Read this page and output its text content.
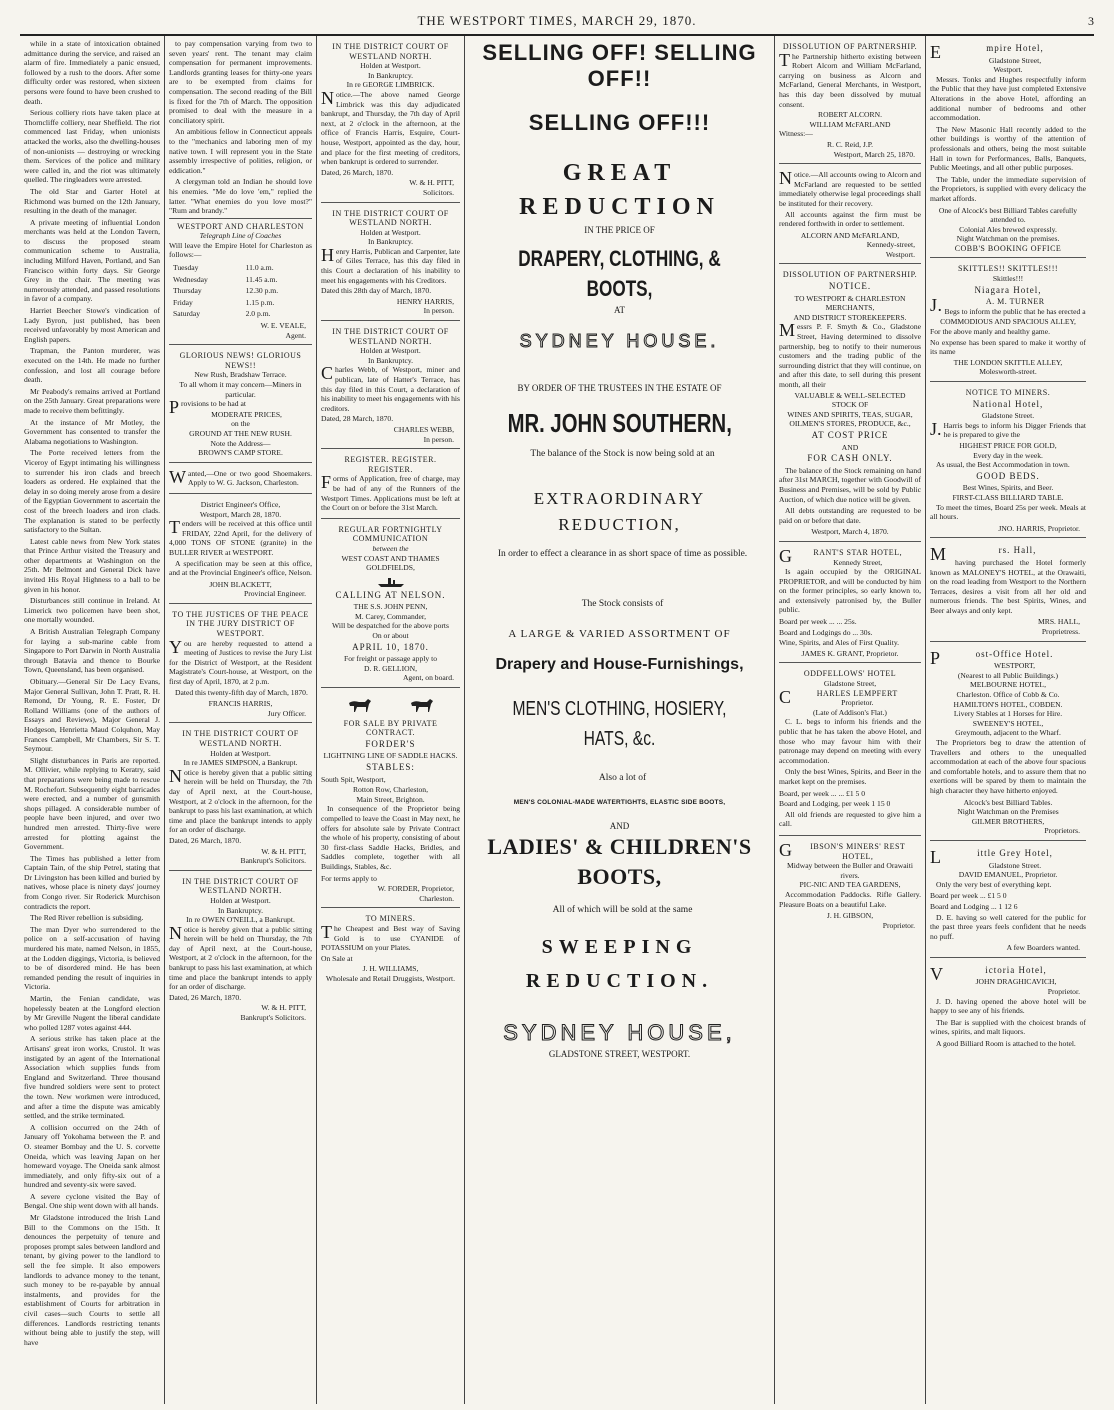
THE WESTPORT TIMES, MARCH 29, 1870.	3

while in a state of intoxication obtained admittance during the service, and raised an alarm of fire. Immediately a panic ensued, followed by a rush to the doors. After some difficulty order was restored, when sixteen persons were found to have been crushed to death.

Serious colliery riots have taken place at Thorncliffe colliery, near Sheffield. The riot commenced last Friday, when unionists attacked the works, also the dwelling-houses of non-unionists — destroying or wrecking them. Services of the police and military were called in, and the riot was ultimately quelled. The ringleaders were arrested.

The old Star and Garter Hotel at Richmond was burned on the 12th January, resulting in the death of the manager.

A private meeting of influential London merchants was held at the London Tavern, to discuss the proposed steam communication scheme to Australia, including Milford Haven, Portland, and San Francisco within forty days. Sir George Grey in the chair. The meeting was numerously attended, and passed resolutions in favor of a company.

Harriet Beecher Stowe's vindication of Lady Byron, just published, has been received unfavorably by most American and English papers.

Trapman, the Panton murderer, was executed on the 14th. He made no further confession, and lost all courage before death.

Mr Peabody's remains arrived at Portland on the 25th January. Great preparations were made to receive them befittingly.

At the instance of Mr Motley, the Government has consented to transfer the Alabama negotiations to Washington.

The Porte received letters from the Viceroy of Egypt intimating his willingness to surrender his iron clads and breech loaders as ordered. He explained that the delay in so doing merely arose from a desire of the Egyptian Government to ascertain the cost of the breech loaders and iron clads. The explanation is stated to be perfectly satisfactory to the Sultan.

Latest cable news from New York states that Prince Arthur visited the Treasury and other departments at Washington on the 25th. Mr Belmont and General Dick have invited His Royal Highness to a ball to be given in his honor.

Disturbances still continue in Ireland. At Limerick two policemen have been shot, one mortally wounded.

A British Australian Telegraph Company for laying a sub-marine cable from Singapore to Port Darwin in North Australia through Batavia and thence to Bourke Town, Queensland, has been organised.

Obituary.—General Sir De Lacy Evans, Major General Sullivan, John T. Pratt, R. H. Remond, Dr Young, R. E. Foster, Dr Rolland Williams (one of the authors of Essays and Reviews), Major General J. Hodgeson, Henrietta Maud Colquhon, May Frances Campbell, Mr Chambers, Sir S. T. Seymour.

Slight disturbances in Paris are reported. M. Ollivier, while replying to Keratry, said that preparations were being made to rescue M. Rochefort. Subsequently eight barricades were erected, and a number of gunsmith shops pillaged. A considerable number of people have been injured, and over two hundred men arrested. Thirty-five were arrested for plotting against the Government.

The Times has published a letter from Captain Tain, of the ship Petrel, stating that Dr Livingston has been killed and buried by natives, whose place is ninety days' journey from Congo river. Sir Roderick Murchison contradicts the report.

The Red River rebellion is subsiding.

The man Dyer who surrendered to the police on a self-accusation of having murdered his mate, named Nelson, in 1855, at the Lodden diggings, Victoria, is believed to be of disordered mind. He has been remanded pending the result of inquiries in Victoria.

Martin, the Fenian candidate, was hopelessly beaten at the Longford election by Mr Greville Nugent the liberal candidate who polled 1287 votes against 444.

A serious strike has taken place at the Artisans' great iron works, Crustol. It was instigated by an agent of the International Association which supplies funds from England and Switzerland. Three thousand five hundred soldiers were sent to protect the town. New workmen were introduced, and after a time the dispute was amicably settled, and the strike terminated.

A collision occurred on the 24th of January off Yokohama between the P. and O. steamer Bombay and the U. S. corvette Oneida, which was leaving Japan on her homeward voyage. The Oneida sank almost immediately, and only fifty-six out of a hundred and seventy-six were saved.

A severe cyclone visited the Bay of Bengal. One ship went down with all hands.

Mr Gladstone introduced the Irish Land Bill to the Commons on the 15th. It denounces the perpetuity of tenure and proposes prompt sales between landlord and tenant, by giving power to the landlord to sell the fee simple. It also empowers landlords to advance money to the tenant, such money to be re-payable by annual instalments, and provides for the establishment of Courts for arbitration in civil cases—such Courts to settle all differences. Landlords restricting tenants without being able to justify the step, will have

to pay compensation varying from two to seven years' rent. The tenant may claim compensation for permanent improvements. Landlords granting leases for thirty-one years are to be exempted from claims for compensation. The second reading of the Bill is fixed for the 7th of March. The opposition promised to deal with the measure in a conciliatory spirit.

An ambitious fellow in Connecticut appeals to the "mechanics and laboring men of my native town. I will represent you in the State assembly irrespective of polities, religion, or eddication."

A clergyman told an Indian he should love his enemies. "Me do love 'em," replied the latter. "What enemies do you love most?" "Rum and brandy."

WESTPORT AND CHARLESTON
Telegraph Line of Coaches
Will leave the Empire Hotel for Charleston as follows:—
Tuesday	11.0 a.m.
Wednesday	11.45 a.m.
Thursday	12.30 p.m.
Friday	1.15 p.m.
Saturday	2.0 p.m.
W. E. VEALE,
Agent.
GLORIOUS NEWS! GLORIOUS NEWS!!
New Rush, Bradshaw Terrace.
To all whom it may concern—Miners in particular.
Provisions to be had at
MODERATE PRICES,
on the
GROUND AT THE NEW RUSH.
Note the Address—
BROWN'S CAMP STORE.
Wanted,—One or two good Shoemakers. Apply to W. G. Jackson, Charleston.
District Engineer's Office,
Westport, March 28, 1870.
Tenders will be received at this office until FRIDAY, 22nd April, for the delivery of 4,000 TONS OF STONE (granite) in the BULLER RIVER at WESTPORT.

A specification may be seen at this office, and at the Provincial Engineer's office, Nelson.

JOHN BLACKETT,
Provincial Engineer.
TO THE JUSTICES OF THE PEACE IN THE JURY DISTRICT OF WESTPORT.
You are hereby requested to attend a meeting of Justices to revise the Jury List for the District of Westport, at the Resident Magistrate's Court-house, at Westport, on the first day of April, 1870, at 2 p.m.

Dated this twenty-fifth day of March, 1870.

FRANCIS HARRIS,
Jury Officer.
IN THE DISTRICT COURT OF WESTLAND NORTH.
Holden at Westport.
In re JAMES SIMPSON, a Bankrupt.
Notice is hereby given that a public sitting herein will be held on Thursday, the 7th day of April next, at the Court-house, Westport, at 2 o'clock in the afternoon, for the bankrupt to pass his last examination, at which time and place the bankrupt intends to apply for an order of discharge.
Dated, 26 March, 1870.
W. & H. PITT,
Bankrupt's Solicitors.
IN THE DISTRICT COURT OF WESTLAND NORTH.
Holden at Westport.
In Bankruptcy.
In re OWEN O'NEILL, a Bankrupt.
Notice is hereby given that a public sitting herein will be held on Thursday, the 7th day of April next, at the Court-house, Westport, at 2 o'clock in the afternoon, for the bankrupt to pass his last examination, at which time and place the bankrupt intends to apply for an order of discharge.
Dated, 26 March, 1870.
W. & H. PITT,
Bankrupt's Solicitors.
IN THE DISTRICT COURT OF WESTLAND NORTH.
Holden at Westport.
In Bankruptcy.
In re GEORGE LIMBRICK.
Notice.—The above named George Limbrick was this day adjudicated bankrupt, and Thursday, the 7th day of April next, at 2 o'clock in the afternoon, at the office of Francis Harris, Esquire, Court-house, Westport, appointed as the day, hour, and place for the first meeting of creditors, when bankrupt is ordered to surrender.
Dated, 26 March, 1870.
W. & H. PITT,
Solicitors.
IN THE DISTRICT COURT OF WESTLAND NORTH.
Holden at Westport.
In Bankruptcy.
Henry Harris, Publican and Carpenter, late of Giles Terrace, has this day filed in this Court a declaration of his inability to meet his engagements with his Creditors.
Dated this 28th day of March, 1870.
HENRY HARRIS,
In person.
IN THE DISTRICT COURT OF WESTLAND NORTH.
Holden at Westport.
In Bankruptcy.
Charles Webb, of Westport, miner and publican, late of Hatter's Terrace, has this day filed in this Court, a declaration of his inability to meet his engagements with his creditors.
Dated, 28 March, 1870.
CHARLES WEBB,
In person.
REGISTER. REGISTER. REGISTER.
Forms of Application, free of charge, may be had of any of the Runners of the Westport Times. Applications must be left at the Court on or before the 31st March.
REGULAR FORTNIGHTLY COMMUNICATION
between the
WEST COAST AND THAMES
GOLDFIELDS,
CALLING AT NELSON.
THE S.S. JOHN PENN,
M. Carey, Commander,
Will be despatched for the above ports
On or about
APRIL 10, 1870.
For freight or passage apply to
D. R. GELLION,
Agent, on board.
FOR SALE BY PRIVATE CONTRACT.
FORDER'S
LIGHTNING LINE OF SADDLE HACKS.
STABLES:
South Spit, Westport,
Rotton Row, Charleston,
Main Street, Brighton.

In consequence of the Proprietor being compelled to leave the Coast in May next, he offers for absolute sale by Private Contract the whole of his property, consisting of about 30 first-class Saddle Hacks, Bridles, and Saddles complete, together with all Buildings, Stables, &c.

For terms apply to
W. FORDER, Proprietor,
Charleston.
TO MINERS.
The Cheapest and Best way of Saving Gold is to use CYANIDE of POTASSIUM on your Plates.
On Sale at
J. H. WILLIAMS,
Wholesale and Retail Druggists, Westport.
SELLING OFF! SELLING OFF!!
SELLING OFF!!!
GREAT REDUCTION
IN THE PRICE OF
DRAPERY, CLOTHING, & BOOTS,
AT
SYDNEY HOUSE.
BY ORDER OF THE TRUSTEES IN THE ESTATE OF
MR. JOHN SOUTHERN,

The balance of the Stock is now being sold at an

EXTRAORDINARY REDUCTION,

In order to effect a clearance in as short space of time as possible.

The Stock consists of

A LARGE & VARIED ASSORTMENT OF
Drapery and House-Furnishings,
MEN'S CLOTHING, HOSIERY, HATS, &c.

Also a lot of

MEN'S COLONIAL-MADE WATERTIGHTS, ELASTIC SIDE BOOTS,
AND
LADIES' & CHILDREN'S BOOTS,

All of which will be sold at the same

SWEEPING REDUCTION.
SYDNEY HOUSE,
GLADSTONE STREET, WESTPORT.
DISSOLUTION OF PARTNERSHIP.
The Partnership hitherto existing between Robert Alcorn and William McFarland, carrying on business as Alcorn and McFarland, General Merchants, in Westport, has this day been dissolved by mutual consent.
ROBERT ALCORN.
WILLIAM McFARLAND
Witness:—
R. C. Reid, J.P.
Westport, March 25, 1870.
Notice.—All accounts owing to Alcorn and McFarland are requested to be settled immediately otherwise legal proceedings shall be instituted for their recovery.

All accounts against the firm must be rendered forthwith in order to settlement.

ALCORN AND McFARLAND,
Kennedy-street,
Westport.
DISSOLUTION OF PARTNERSHIP.
NOTICE.
TO WESTPORT & CHARLESTON
MERCHANTS,
AND DISTRICT STOREKEEPERS.
Messrs P. F. Smyth & Co., Gladstone Street, Having determined to dissolve partnership, beg to notify to their numerous customers and the trading public of the surrounding district that they will continue, on and after this date, to sell during this present month, all their
VALUABLE & WELL-SELECTED
STOCK OF
WINES AND SPIRITS, TEAS, SUGAR, OILMEN'S STORES, PRODUCE, &c.,
AT COST PRICE
AND
FOR CASH ONLY.

The balance of the Stock remaining on hand after 31st MARCH, together with Goodwill of Business and Premises, will be sold by Public Auction, of which due notice will be given.

All debts outstanding are requested to be paid on or before that date.

Westport, March 4, 1870.
GRANT'S STAR HOTEL,
Kennedy Street,

Is again occupied by the ORIGINAL PROPRIETOR, and will be conducted by him on the former principles, so early known to, and extensively patronised by, the Buller public.

Board per week ... ... 25s.
Board and Lodgings do ... 30s.
Wine, Spirits, and Ales of First Quality.
JAMES K. GRANT, Proprietor.
ODDFELLOWS' HOTEL
Gladstone Street,
CHARLES LEMPFERT
Proprietor.
(Late of Addison's Flat.)

C. L. begs to inform his friends and the public that he has taken the above Hotel, and those who may favour him with their patronage may depend on meeting with every accommodation.

Only the best Wines, Spirits, and Beer in the market kept on the premises.

Board, per week ... ... £1 5 0
Board and Lodging, per week 1 15 0

All old friends are requested to give him a call.

GIBSON'S MINERS' REST HOTEL,
Midway between the Buller and Orawaiti rivers.
PIC-NIC AND TEA GARDENS,

Accommodation Paddocks. Rifle Gallery. Pleasure Boats on a beautiful Lake.

J. H. GIBSON,
Proprietor.
Empire Hotel,
Gladstone Street,
Westport.

Messrs. Tonks and Hughes respectfully inform the Public that they have just completed Extensive Alterations in the above Hotel, affording an additional number of bedrooms and other accommodation.

The New Masonic Hall recently added to the other buildings is worthy of the attention of professionals and others, being the most suitable Hall in town for Performances, Balls, Banquets, Public Meetings, and all other public purposes.

The Table, under the immediate supervision of the Proprietors, is supplied with every delicacy the market affords.

One of Alcock's best Billiard Tables carefully attended to.
Colonial Ales brewed expressly.
Night Watchman on the premises.
COBB'S BOOKING OFFICE
SKITTLES!! SKITTLES!!!
Skittles!!!
Niagara Hotel,
J.A. M. TURNER
Begs to inform the public that he has erected a
COMMODIOUS AND SPACIOUS ALLEY,
For the above manly and healthy game.
No expense has been spared to make it worthy of its name
THE LONDON SKITTLE ALLEY,
Molesworth-street.
NOTICE TO MINERS.
National Hotel,
Gladstone Street.
J.Harris begs to inform his Digger Friends that he is prepared to give the
HIGHEST PRICE FOR GOLD,
Every day in the week.

As usual, the Best Accommodation in town.

GOOD BEDS.
Best Wines, Spirits, and Beer.
FIRST-CLASS BILLIARD TABLE.

To meet the times, Board 25s per week. Meals at all hours.

JNO. HARRIS, Proprietor.
Mrs. Hall,

having purchased the Hotel formerly known as MALONEY'S HOTEL, at the Orawaiti, on the road leading from Westport to the Northern Terraces, desires a visit from all her old and numerous friends. The best Spirits, Wines, and Beer always and only kept.

MRS. HALL,
Proprietress.
Post-Office Hotel.
WESTPORT,
(Nearest to all Public Buildings.)
MELBOURNE HOTEL,
Charleston. Office of Cobb & Co.
HAMILTON'S HOTEL, COBDEN.
Livery Stables at 1 Horses for Hire.
SWEENEY'S HOTEL,
Greymouth, adjacent to the Wharf.

The Proprietors beg to draw the attention of Travellers and others to the unequalled accommodation at each of the above four spacious and comfortable hotels, and to assure them that no exertions will be spared by them to maintain the high character they have hitherto enjoyed.

Alcock's best Billiard Tables.
Night Watchman on the Premises
GILMER BROTHERS,
Proprietors.
Little Grey Hotel,
Gladstone Street.
DAVID EMANUEL, Proprietor.

Only the very best of everything kept.

Board per week ... £1 5 0
Board and Lodging ... 1 12 6

D. E. having so well catered for the public for the past three years feels confident that he needs no puff.

A few Boarders wanted.
Victoria Hotel,
JOHN DRAGHICAVICH,
Proprietor.

J. D. having opened the above hotel will be happy to see any of his friends.

The Bar is supplied with the choicest brands of wines, spirits, and malt liquors.

A good Billiard Room is attached to the hotel.
